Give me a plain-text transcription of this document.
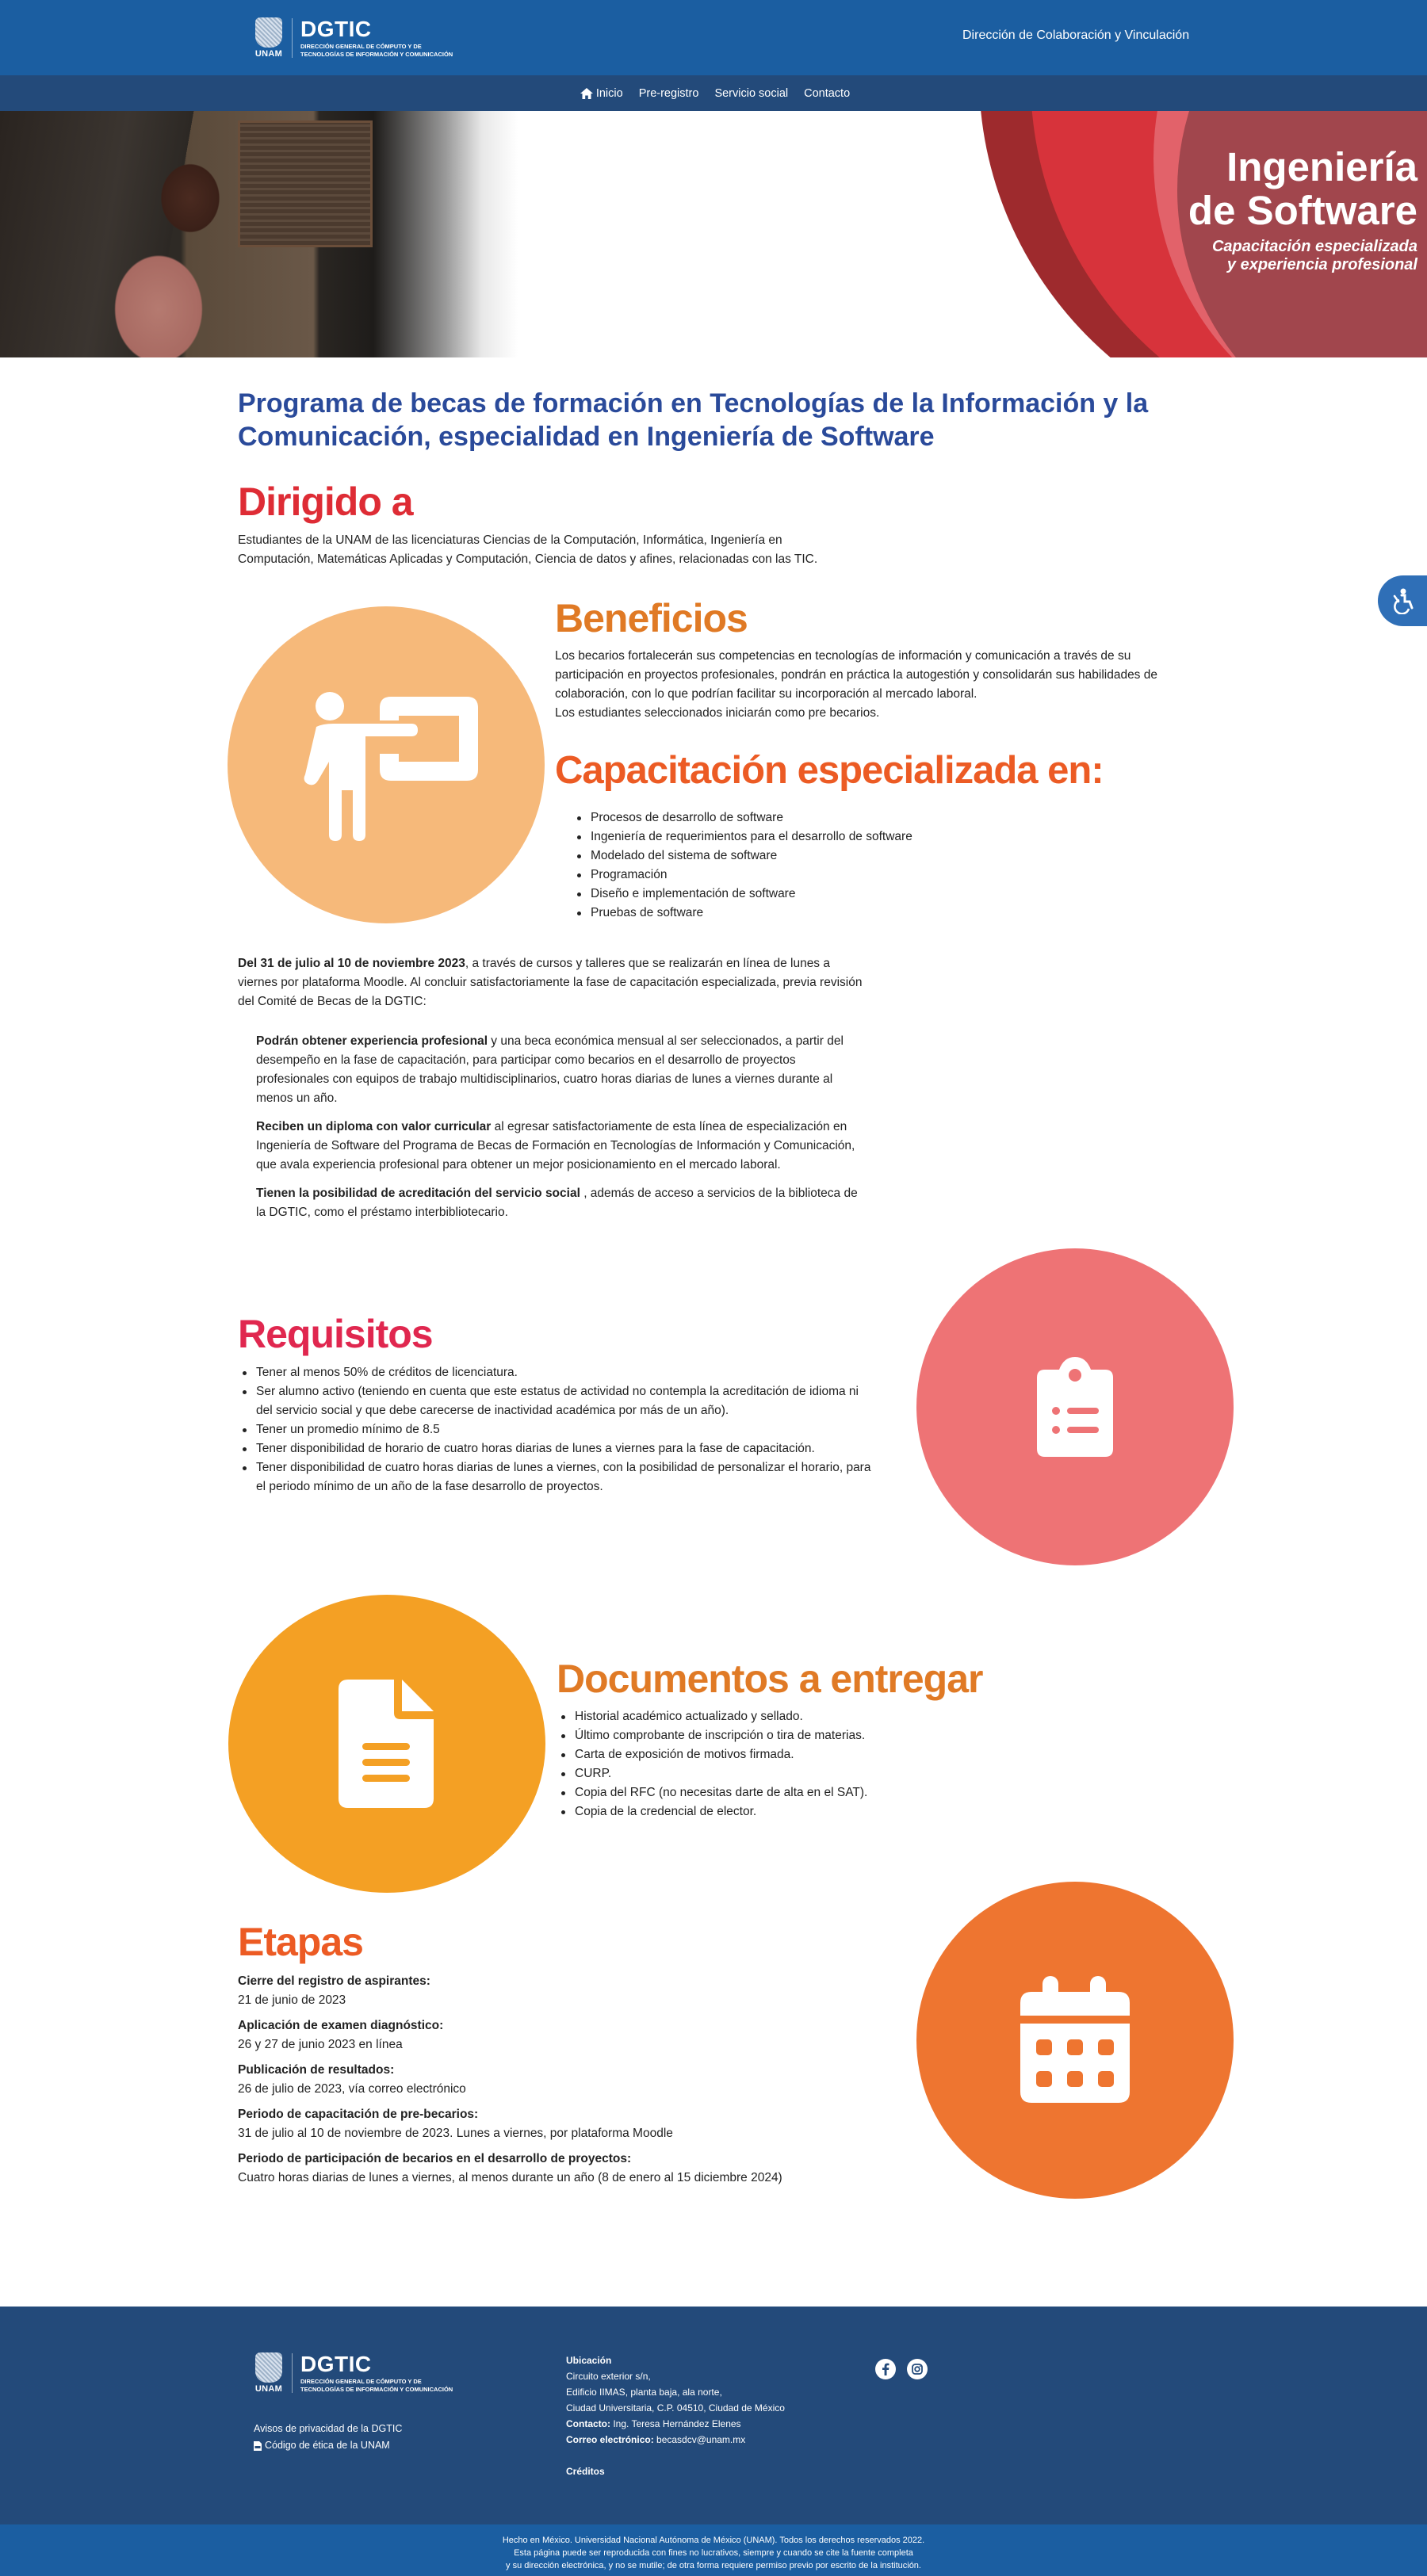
UNAM
DGTIC
DIRECCIÓN GENERAL DE CÓMPUTO Y DE
TECNOLOGÍAS DE INFORMACIÓN Y COMUNICACIÓN
Dirección de Colaboración y Vinculación
Inicio Pre-registro Servicio social Contacto
Ingeniería
de Software
Capacitación especializada
y experiencia profesional
Programa de becas de formación en Tecnologías de la Información y la Comunicación, especialidad en Ingeniería de Software
Dirigido a

Estudiantes de la UNAM de las licenciaturas Ciencias de la Computación, Informática, Ingeniería en Computación, Matemáticas Aplicadas y Computación, Ciencia de datos y afines, relacionadas con las TIC.

Beneficios

Los becarios fortalecerán sus competencias en tecnologías de información y comunicación a través de su participación en proyectos profesionales, pondrán en práctica la autogestión y consolidarán sus habilidades de colaboración, con lo que podrían facilitar su incorporación al mercado laboral.

Los estudiantes seleccionados iniciarán como pre becarios.

Capacitación especializada en:
Procesos de desarrollo de software
Ingeniería de requerimientos para el desarrollo de software
Modelado del sistema de software
Programación
Diseño e implementación de software
Pruebas de software

Del 31 de julio al 10 de noviembre 2023, a través de cursos y talleres que se realizarán en línea de lunes a viernes por plataforma Moodle. Al concluir satisfactoriamente la fase de capacitación especializada, previa revisión del Comité de Becas de la DGTIC:

Podrán obtener experiencia profesional y una beca económica mensual al ser seleccionados, a partir del desempeño en la fase de capacitación, para participar como becarios en el desarrollo de proyectos profesionales con equipos de trabajo multidisciplinarios, cuatro horas diarias de lunes a viernes durante al menos un año.

Reciben un diploma con valor curricular al egresar satisfactoriamente de esta línea de especialización en Ingeniería de Software del Programa de Becas de Formación en Tecnologías de Información y Comunicación, que avala experiencia profesional para obtener un mejor posicionamiento en el mercado laboral.

Tienen la posibilidad de acreditación del servicio social , además de acceso a servicios de la biblioteca de la DGTIC, como el préstamo interbibliotecario.

Requisitos
Tener al menos 50% de créditos de licenciatura.
Ser alumno activo (teniendo en cuenta que este estatus de actividad no contempla la acreditación de idioma ni del servicio social y que debe carecerse de inactividad académica por más de un año).
Tener un promedio mínimo de 8.5
Tener disponibilidad de horario de cuatro horas diarias de lunes a viernes para la fase de capacitación.
Tener disponibilidad de cuatro horas diarias de lunes a viernes, con la posibilidad de personalizar el horario, para el periodo mínimo de un año de la fase desarrollo de proyectos.
Documentos a entregar
Historial académico actualizado y sellado.
Último comprobante de inscripción o tira de materias.
Carta de exposición de motivos firmada.
CURP.
Copia del RFC (no necesitas darte de alta en el SAT).
Copia de la credencial de elector.
Etapas
Cierre del registro de aspirantes:
21 de junio de 2023
Aplicación de examen diagnóstico:
26 y 27 de junio 2023 en línea
Publicación de resultados:
26 de julio de 2023, vía correo electrónico
Periodo de capacitación de pre-becarios:
31 de julio al 10 de noviembre de 2023. Lunes a viernes, por plataforma Moodle
Periodo de participación de becarios en el desarrollo de proyectos:
Cuatro horas diarias de lunes a viernes, al menos durante un año (8 de enero al 15 diciembre 2024)
UNAM
DGTIC
DIRECCIÓN GENERAL DE CÓMPUTO Y DE
TECNOLOGÍAS DE INFORMACIÓN Y COMUNICACIÓN
Avisos de privacidad de la DGTIC
Código de ética de la UNAM
Ubicación
Circuito exterior s/n,
Edificio IIMAS, planta baja, ala norte,
Ciudad Universitaria, C.P. 04510, Ciudad de México
Contacto: Ing. Teresa Hernández Elenes
Correo electrónico: becasdcv@unam.mx
Créditos
Hecho en México. Universidad Nacional Autónoma de México (UNAM). Todos los derechos reservados 2022.
Esta página puede ser reproducida con fines no lucrativos, siempre y cuando se cite la fuente completa
y su dirección electrónica, y no se mutile; de otra forma requiere permiso previo por escrito de la institución.
